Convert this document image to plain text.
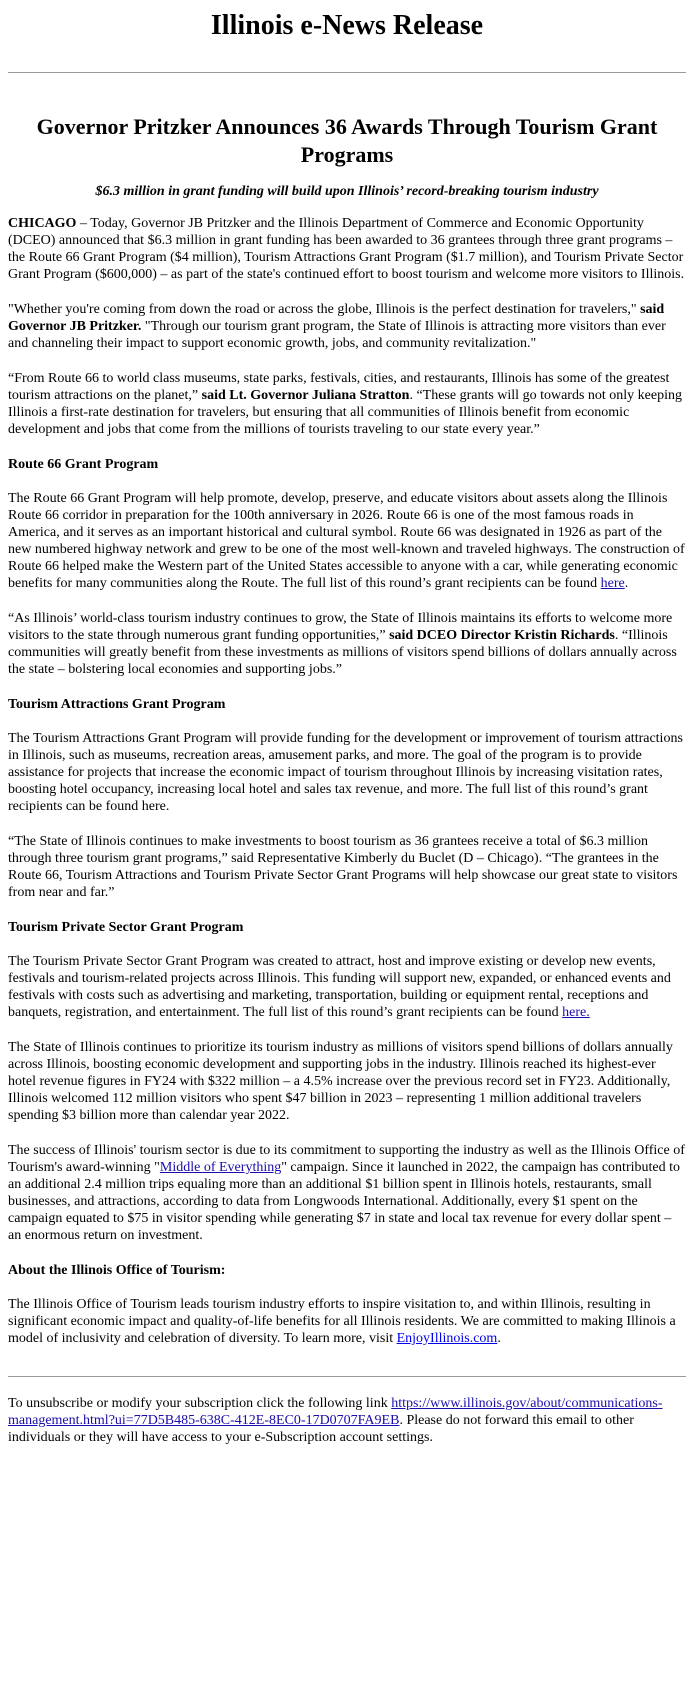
Illinois e-News Release
Governor Pritzker Announces 36 Awards Through Tourism Grant Programs
$6.3 million in grant funding will build upon Illinois’ record-breaking tourism industry

CHICAGO – Today, Governor JB Pritzker and the Illinois Department of Commerce and Economic Opportunity (DCEO) announced that $6.3 million in grant funding has been awarded to 36 grantees through three grant programs – the Route 66 Grant Program ($4 million), Tourism Attractions Grant Program ($1.7 million), and Tourism Private Sector Grant Program ($600,000) – as part of the state's continued effort to boost tourism and welcome more visitors to Illinois.

"Whether you're coming from down the road or across the globe, Illinois is the perfect destination for travelers," said Governor JB Pritzker. "Through our tourism grant program, the State of Illinois is attracting more visitors than ever and channeling their impact to support economic growth, jobs, and community revitalization."

“From Route 66 to world class museums, state parks, festivals, cities, and restaurants, Illinois has some of the greatest tourism attractions on the planet,” said Lt. Governor Juliana Stratton. “These grants will go towards not only keeping Illinois a first-rate destination for travelers, but ensuring that all communities of Illinois benefit from economic development and jobs that come from the millions of tourists traveling to our state every year.”

Route 66 Grant Program

The Route 66 Grant Program will help promote, develop, preserve, and educate visitors about assets along the Illinois Route 66 corridor in preparation for the 100th anniversary in 2026. Route 66 is one of the most famous roads in America, and it serves as an important historical and cultural symbol. Route 66 was designated in 1926 as part of the new numbered highway network and grew to be one of the most well-known and traveled highways. The construction of Route 66 helped make the Western part of the United States accessible to anyone with a car, while generating economic benefits for many communities along the Route. The full list of this round’s grant recipients can be found here.

“As Illinois’ world-class tourism industry continues to grow, the State of Illinois maintains its efforts to welcome more visitors to the state through numerous grant funding opportunities,” said DCEO Director Kristin Richards. “Illinois communities will greatly benefit from these investments as millions of visitors spend billions of dollars annually across the state – bolstering local economies and supporting jobs.”

Tourism Attractions Grant Program

The Tourism Attractions Grant Program will provide funding for the development or improvement of tourism attractions in Illinois, such as museums, recreation areas, amusement parks, and more. The goal of the program is to provide assistance for projects that increase the economic impact of tourism throughout Illinois by increasing visitation rates, boosting hotel occupancy, increasing local hotel and sales tax revenue, and more. The full list of this round’s grant recipients can be found here.

“The State of Illinois continues to make investments to boost tourism as 36 grantees receive a total of $6.3 million through three tourism grant programs,” said Representative Kimberly du Buclet (D – Chicago). “The grantees in the Route 66, Tourism Attractions and Tourism Private Sector Grant Programs will help showcase our great state to visitors from near and far.”

Tourism Private Sector Grant Program

The Tourism Private Sector Grant Program was created to attract, host and improve existing or develop new events, festivals and tourism-related projects across Illinois. This funding will support new, expanded, or enhanced events and festivals with costs such as advertising and marketing, transportation, building or equipment rental, receptions and banquets, registration, and entertainment. The full list of this round’s grant recipients can be found here.

The State of Illinois continues to prioritize its tourism industry as millions of visitors spend billions of dollars annually across Illinois, boosting economic development and supporting jobs in the industry. Illinois reached its highest-ever hotel revenue figures in FY24 with $322 million – a 4.5% increase over the previous record set in FY23. Additionally, Illinois welcomed 112 million visitors who spent $47 billion in 2023 – representing 1 million additional travelers spending $3 billion more than calendar year 2022.

The success of Illinois' tourism sector is due to its commitment to supporting the industry as well as the Illinois Office of Tourism's award-winning "Middle of Everything" campaign. Since it launched in 2022, the campaign has contributed to an additional 2.4 million trips equaling more than an additional $1 billion spent in Illinois hotels, restaurants, small businesses, and attractions, according to data from Longwoods International. Additionally, every $1 spent on the campaign equated to $75 in visitor spending while generating $7 in state and local tax revenue for every dollar spent – an enormous return on investment.

About the Illinois Office of Tourism:

The Illinois Office of Tourism leads tourism industry efforts to inspire visitation to, and within Illinois, resulting in significant economic impact and quality-of-life benefits for all Illinois residents. We are committed to making Illinois a model of inclusivity and celebration of diversity. To learn more, visit EnjoyIllinois.com.

To unsubscribe or modify your subscription click the following link https://www.illinois.gov/about/communications-management.html?ui=77D5B485-638C-412E-8EC0-17D0707FA9EB. Please do not forward this email to other individuals or they will have access to your e-Subscription account settings.
